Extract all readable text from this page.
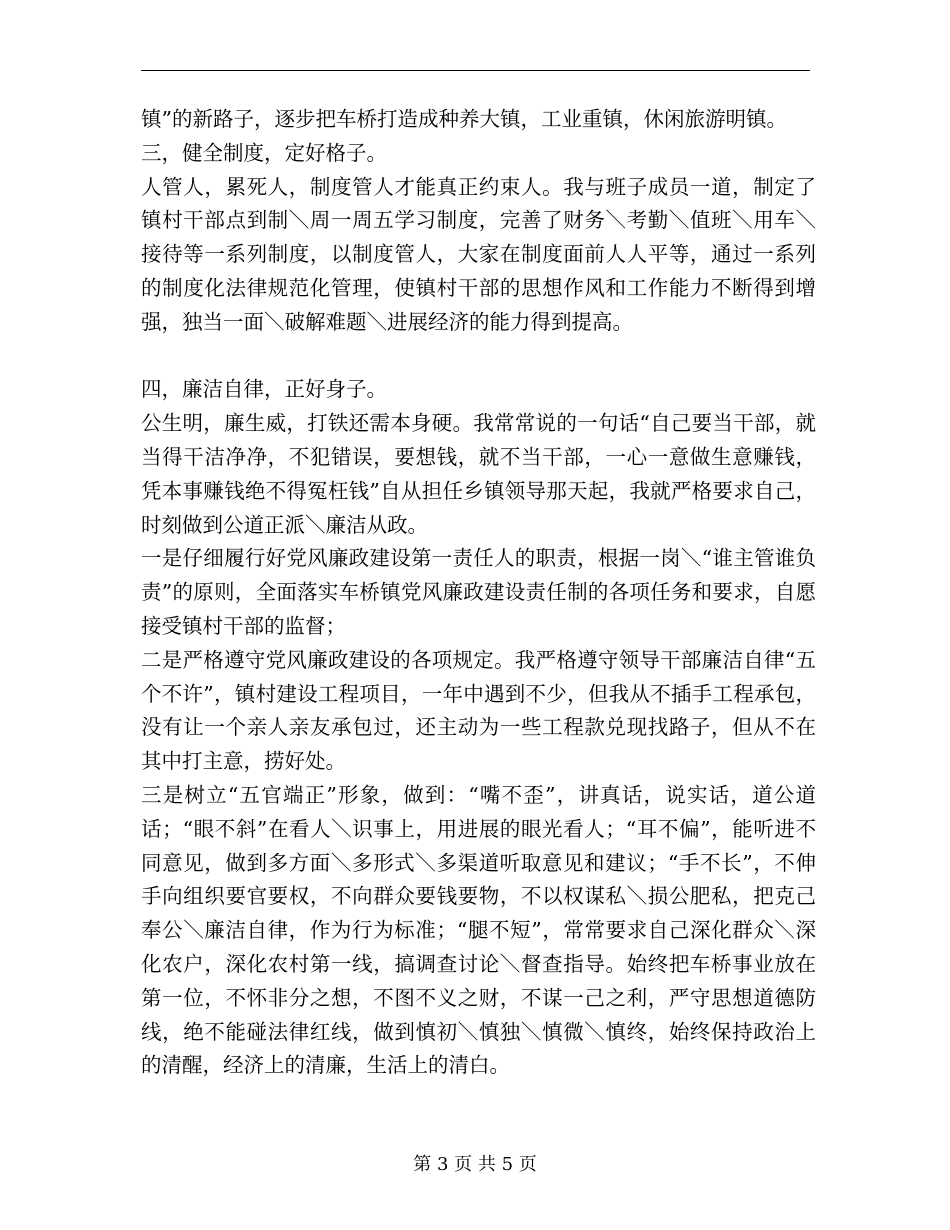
镇”的新路子，逐步把车桥打造成种养大镇，工业重镇，休闲旅游明镇。

三，健全制度，定好格子。

人管人，累死人，制度管人才能真正约束人。我与班子成员一道，制定了镇村干部点到制＼周一周五学习制度，完善了财务＼考勤＼值班＼用车＼接待等一系列制度，以制度管人，大家在制度面前人人平等，通过一系列的制度化法律规范化管理，使镇村干部的思想作风和工作能力不断得到增强，独当一面＼破解难题＼进展经济的能力得到提高。

四，廉洁自律，正好身子。

公生明，廉生威，打铁还需本身硬。我常常说的一句话“自己要当干部，就当得干洁净净，不犯错误，要想钱，就不当干部，一心一意做生意赚钱，凭本事赚钱绝不得冤枉钱”自从担任乡镇领导那天起，我就严格要求自己，时刻做到公道正派＼廉洁从政。

一是仔细履行好党风廉政建设第一责任人的职责，根据一岗＼“谁主管谁负责”的原则，全面落实车桥镇党风廉政建设责任制的各项任务和要求，自愿接受镇村干部的监督；

二是严格遵守党风廉政建设的各项规定。我严格遵守领导干部廉洁自律“五个不许”，镇村建设工程项目，一年中遇到不少，但我从不插手工程承包，没有让一个亲人亲友承包过，还主动为一些工程款兑现找路子，但从不在其中打主意，捞好处。

三是树立“五官端正”形象，做到：“嘴不歪”，讲真话，说实话，道公道话；“眼不斜”在看人＼识事上，用进展的眼光看人；“耳不偏”，能听进不同意见，做到多方面＼多形式＼多渠道听取意见和建议；“手不长”，不伸手向组织要官要权，不向群众要钱要物，不以权谋私＼损公肥私，把克己奉公＼廉洁自律，作为行为标准；“腿不短”，常常要求自己深化群众＼深化农户，深化农村第一线，搞调查讨论＼督查指导。始终把车桥事业放在第一位，不怀非分之想，不图不义之财，不谋一己之利，严守思想道德防线，绝不能碰法律红线，做到慎初＼慎独＼慎微＼慎终，始终保持政治上的清醒，经济上的清廉，生活上的清白。

第 3 页 共 5 页
